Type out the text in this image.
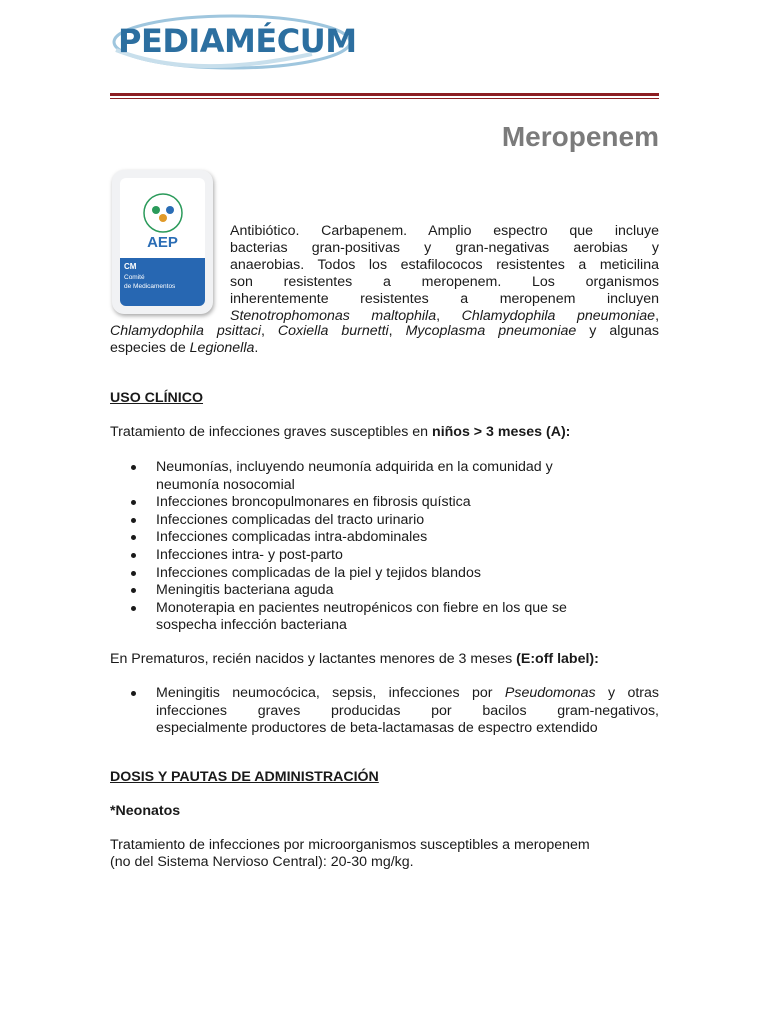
PEDIAMÉCUM
Meropenem
AEP
CM
Comité
de Medicamentos
Antibiótico. Carbapenem. Amplio espectro que incluye
bacterias gran-positivas y gran-negativas aerobias y
anaerobias. Todos los estafilococos resistentes a meticilina
son resistentes a meropenem. Los organismos
inherentemente resistentes a meropenem incluyen
Stenotrophomonas maltophila, Chlamydophila pneumoniae,
Chlamydophila psittaci, Coxiella burnetti, Mycoplasma pneumoniae y algunas
especies de Legionella.
USO CLÍNICO
Tratamiento de infecciones graves susceptibles en niños > 3 meses (A):
Neumonías, incluyendo neumonía adquirida en la comunidad y
neumonía nosocomial
Infecciones broncopulmonares en fibrosis quística
Infecciones complicadas del tracto urinario
Infecciones complicadas intra-abdominales
Infecciones intra- y post-parto
Infecciones complicadas de la piel y tejidos blandos
Meningitis bacteriana aguda
Monoterapia en pacientes neutropénicos con fiebre en los que se
sospecha infección bacteriana
En Prematuros, recién nacidos y lactantes menores de 3 meses (E:off label):
Meningitis neumocócica, sepsis, infecciones por Pseudomonas y otras
infecciones graves producidas por bacilos gram-negativos,
especialmente productores de beta-lactamasas de espectro extendido
DOSIS Y PAUTAS DE ADMINISTRACIÓN
*Neonatos
Tratamiento de infecciones por microorganismos susceptibles a meropenem
(no del Sistema Nervioso Central): 20-30 mg/kg.
